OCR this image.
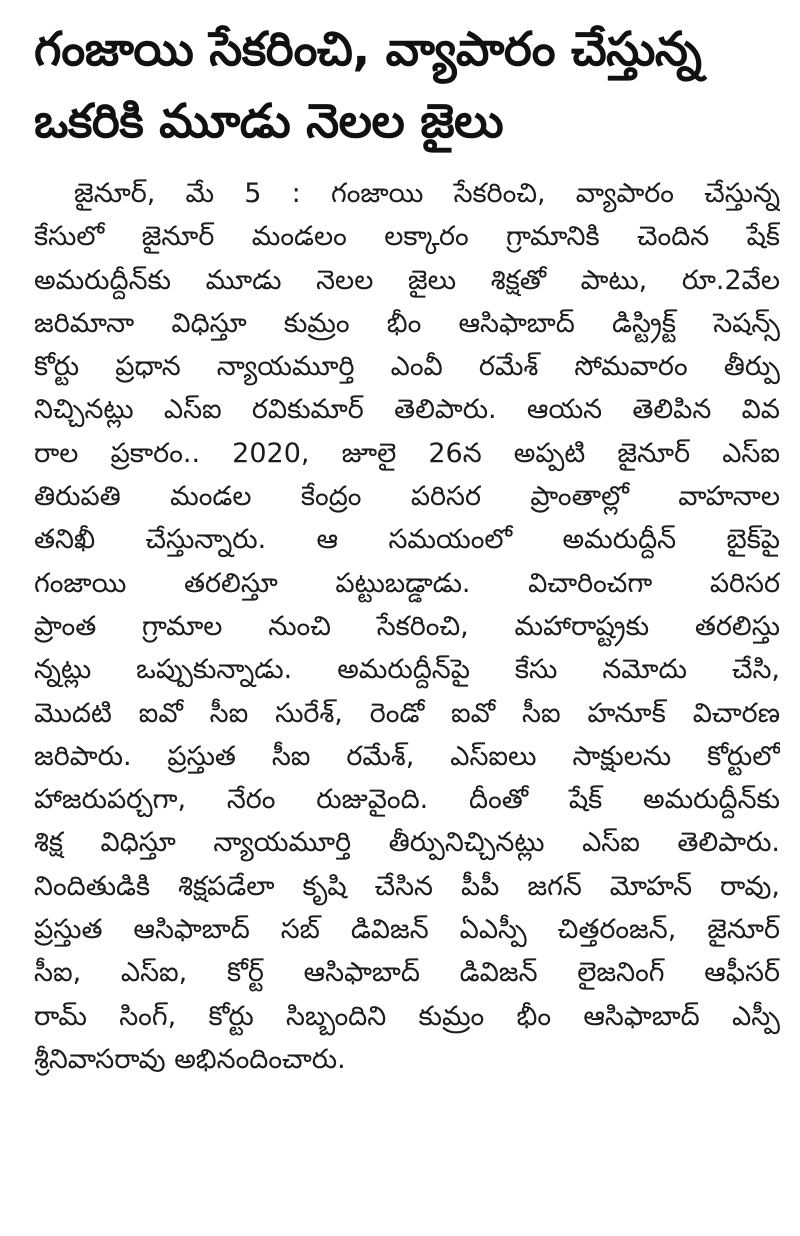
గంజాయి సేకరించి, వ్యాపారం చేస్తున్న
ఒకరికి మూడు నెలల జైలు
జైనూర్, మే 5 : గంజాయి సేకరించి, వ్యాపారం చేస్తున్న
కేసులో జైనూర్ మండలం లక్కారం గ్రామానికి చెందిన షేక్
అమరుద్దీన్‌కు మూడు నెలల జైలు శిక్షతో పాటు, రూ.2వేల
జరిమానా విధిస్తూ కుమ్రం భీం ఆసిఫాబాద్ డిస్ట్రిక్ట్ సెషన్స్
కోర్టు ప్రధాన న్యాయమూర్తి ఎంవీ రమేశ్ సోమవారం తీర్పు
నిచ్చినట్లు ఎస్ఐ రవికుమార్ తెలిపారు. ఆయన తెలిపిన వివ
రాల ప్రకారం.. 2020, జూలై 26న అప్పటి జైనూర్ ఎస్ఐ
తిరుపతి మండల కేంద్రం పరిసర ప్రాంతాల్లో వాహనాల
తనిఖీ చేస్తున్నారు. ఆ సమయంలో అమరుద్దీన్ బైక్‌పై
గంజాయి తరలిస్తూ పట్టుబడ్డాడు. విచారించగా పరిసర
ప్రాంత గ్రామాల నుంచి సేకరించి, మహారాష్ట్రకు తరలిస్తు
న్నట్లు ఒప్పుకున్నాడు. అమరుద్దీన్‌పై కేసు నమోదు చేసి,
మొదటి ఐవో సీఐ సురేశ్, రెండో ఐవో సీఐ హనూక్ విచారణ
జరిపారు. ప్రస్తుత సీఐ రమేశ్, ఎస్ఐలు సాక్షులను కోర్టులో
హాజరుపర్చగా, నేరం రుజువైంది. దీంతో షేక్ అమరుద్దీన్‌కు
శిక్ష విధిస్తూ న్యాయమూర్తి తీర్పునిచ్చినట్లు ఎస్ఐ తెలిపారు.
నిందితుడికి శిక్షపడేలా కృషి చేసిన పీపీ జగన్ మోహన్ రావు,
ప్రస్తుత ఆసిఫాబాద్ సబ్ డివిజన్ ఏఎస్పీ చిత్తరంజన్, జైనూర్
సీఐ, ఎస్ఐ, కోర్ట్ ఆసిఫాబాద్ డివిజన్ లైజనింగ్ ఆఫీసర్
రామ్ సింగ్, కోర్టు సిబ్బందిని కుమ్రం భీం ఆసిఫాబాద్ ఎస్పీ
శ్రీనివాసరావు అభినందించారు.
